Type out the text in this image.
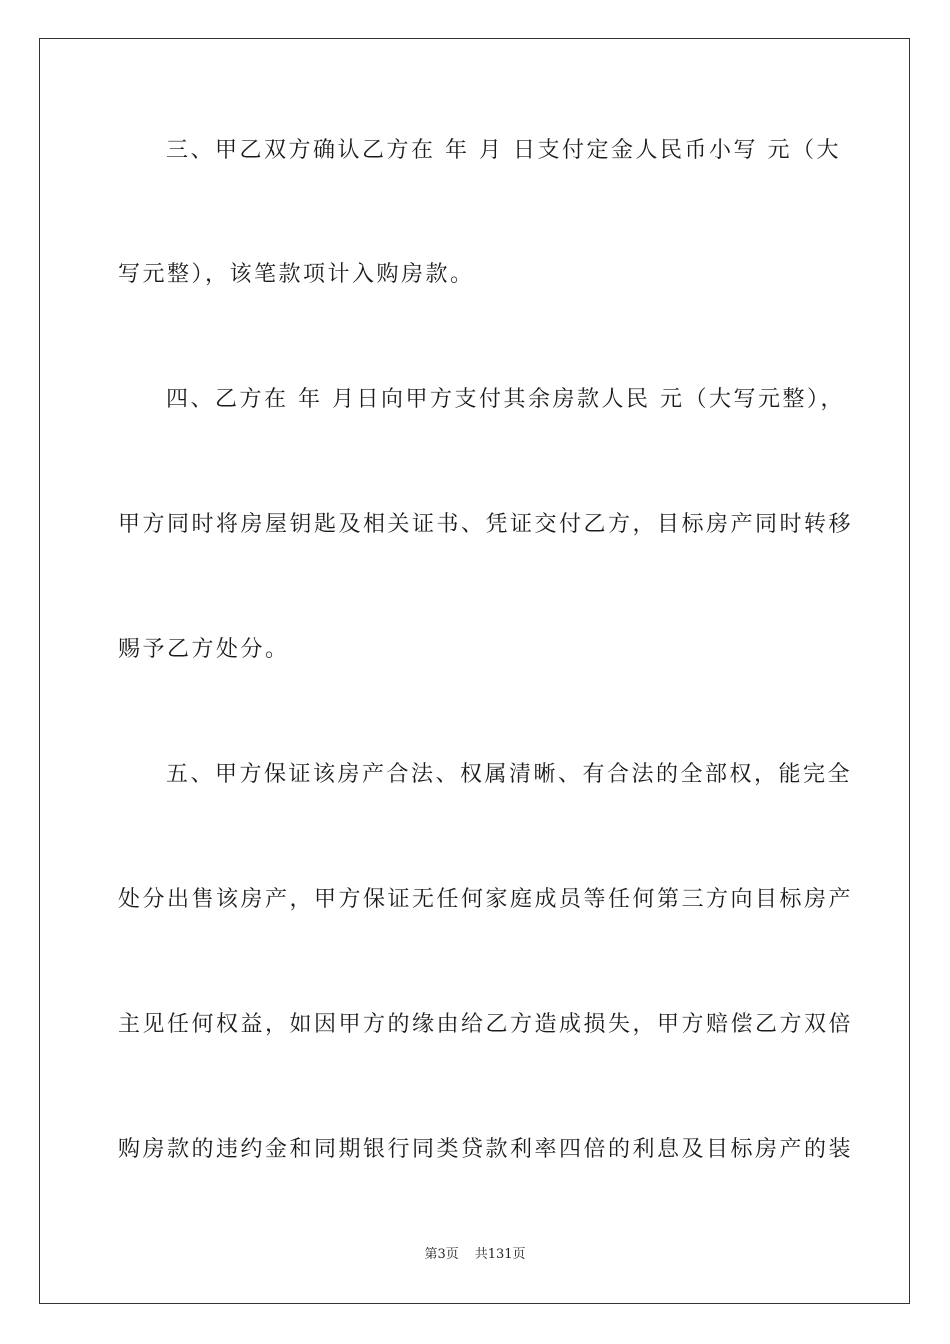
三、甲乙双方确认乙方在 年 月 日支付定金人民币小写 元（大
写元整），该笔款项计入购房款。
四、乙方在 年 月日向甲方支付其余房款人民 元（大写元整），
甲方同时将房屋钥匙及相关证书、凭证交付乙方，目标房产同时转移
赐予乙方处分。
五、甲方保证该房产合法、权属清晰、有合法的全部权，能完全
处分出售该房产，甲方保证无任何家庭成员等任何第三方向目标房产
主见任何权益，如因甲方的缘由给乙方造成损失，甲方赔偿乙方双倍
购房款的违约金和同期银行同类贷款利率四倍的利息及目标房产的装
第3页 共131页
